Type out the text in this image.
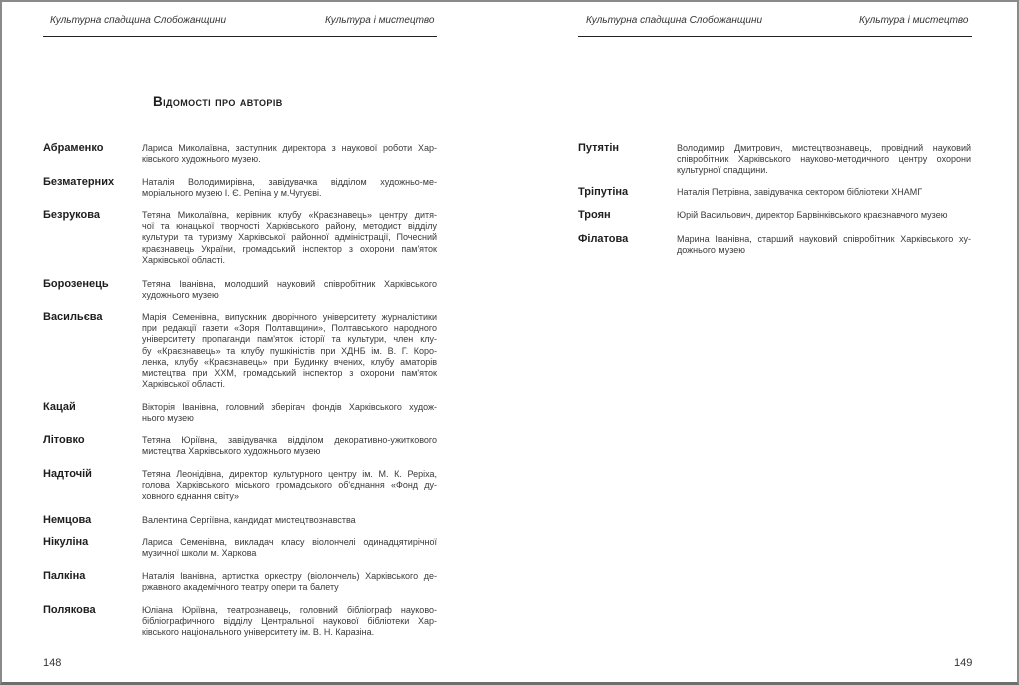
Культурна спадщина Слобожанщини	Культура і мистецтво
Відомості про авторів
Абраменко	Лариса Миколаївна, заступник директора з наукової роботи Хар-
ківського художнього музею.
Безматерних	Наталія Володимирівна, завідувачка відділом художньо-ме-
моріального музею І. Є. Репіна у м.Чугуєві.
Безрукова	Тетяна Миколаївна, керівник клубу «Краєзнавець» центру дитя-
чої та юнацької творчості Харківського району, методист відділу
культури та туризму Харківської районної адміністрації, Почесний
краєзнавець України, громадський інспектор з охорони пам'яток
Харківської області.
Борозенець	Тетяна Іванівна, молодший науковий співробітник Харківського
художнього музею
Васильєва	Марія Семенівна, випускник дворічного університету журналістики
при редакції газети «Зоря Полтавщини», Полтавського народного
університету пропаганди пам'яток історії та культури, член клу-
бу «Краєзнавець» та клубу пушкіністів при ХДНБ ім. В. Г. Коро-
ленка, клубу «Краєзнавець» при Будинку вчених, клубу аматорів
мистецтва при ХХМ, громадський інспектор з охорони пам'яток
Харківської області.
Кацай	Вікторія Іванівна, головний зберігач фондів Харківського худож-
нього музею
Літовко	Тетяна Юріївна, завідувачка відділом декоративно-ужиткового
мистецтва Харківського художнього музею
Надточій	Тетяна Леонідівна, директор культурного центру ім. М. К. Реріха,
голова Харківського міського громадського об'єднання «Фонд ду-
ховного єднання світу»
Немцова	Валентина Сергіївна, кандидат мистецтвознавства
Нікуліна	Лариса Семенівна, викладач класу віолончелі одинадцятирічної
музичної школи м. Харкова
Палкіна	Наталія Іванівна, артистка оркестру (віолончель) Харківського де-
ржавного академічного театру опери та балету
Полякова	Юліана Юріївна, театрознавець, головний бібліограф науково-
бібліографичного відділу Центральної наукової бібліотеки Хар-
ківського національного університету ім. В. Н. Каразіна.
148
Культурна спадщина Слобожанщини	Культура і мистецтво
Путятін	Володимир Дмитрович, мистецтвознавець, провідний науковий
співробітник Харківського науково-методичного центру охорони
культурної спадщини.
Тріпутіна	Наталія Петрівна, завідувачка сектором бібліотеки ХНАМГ
Троян	Юрій Васильович, директор Барвінківського краєзнавчого музею
Філатова	Марина Іванівна, старший науковий співробітник Харківського ху-
дожнього музею
149
